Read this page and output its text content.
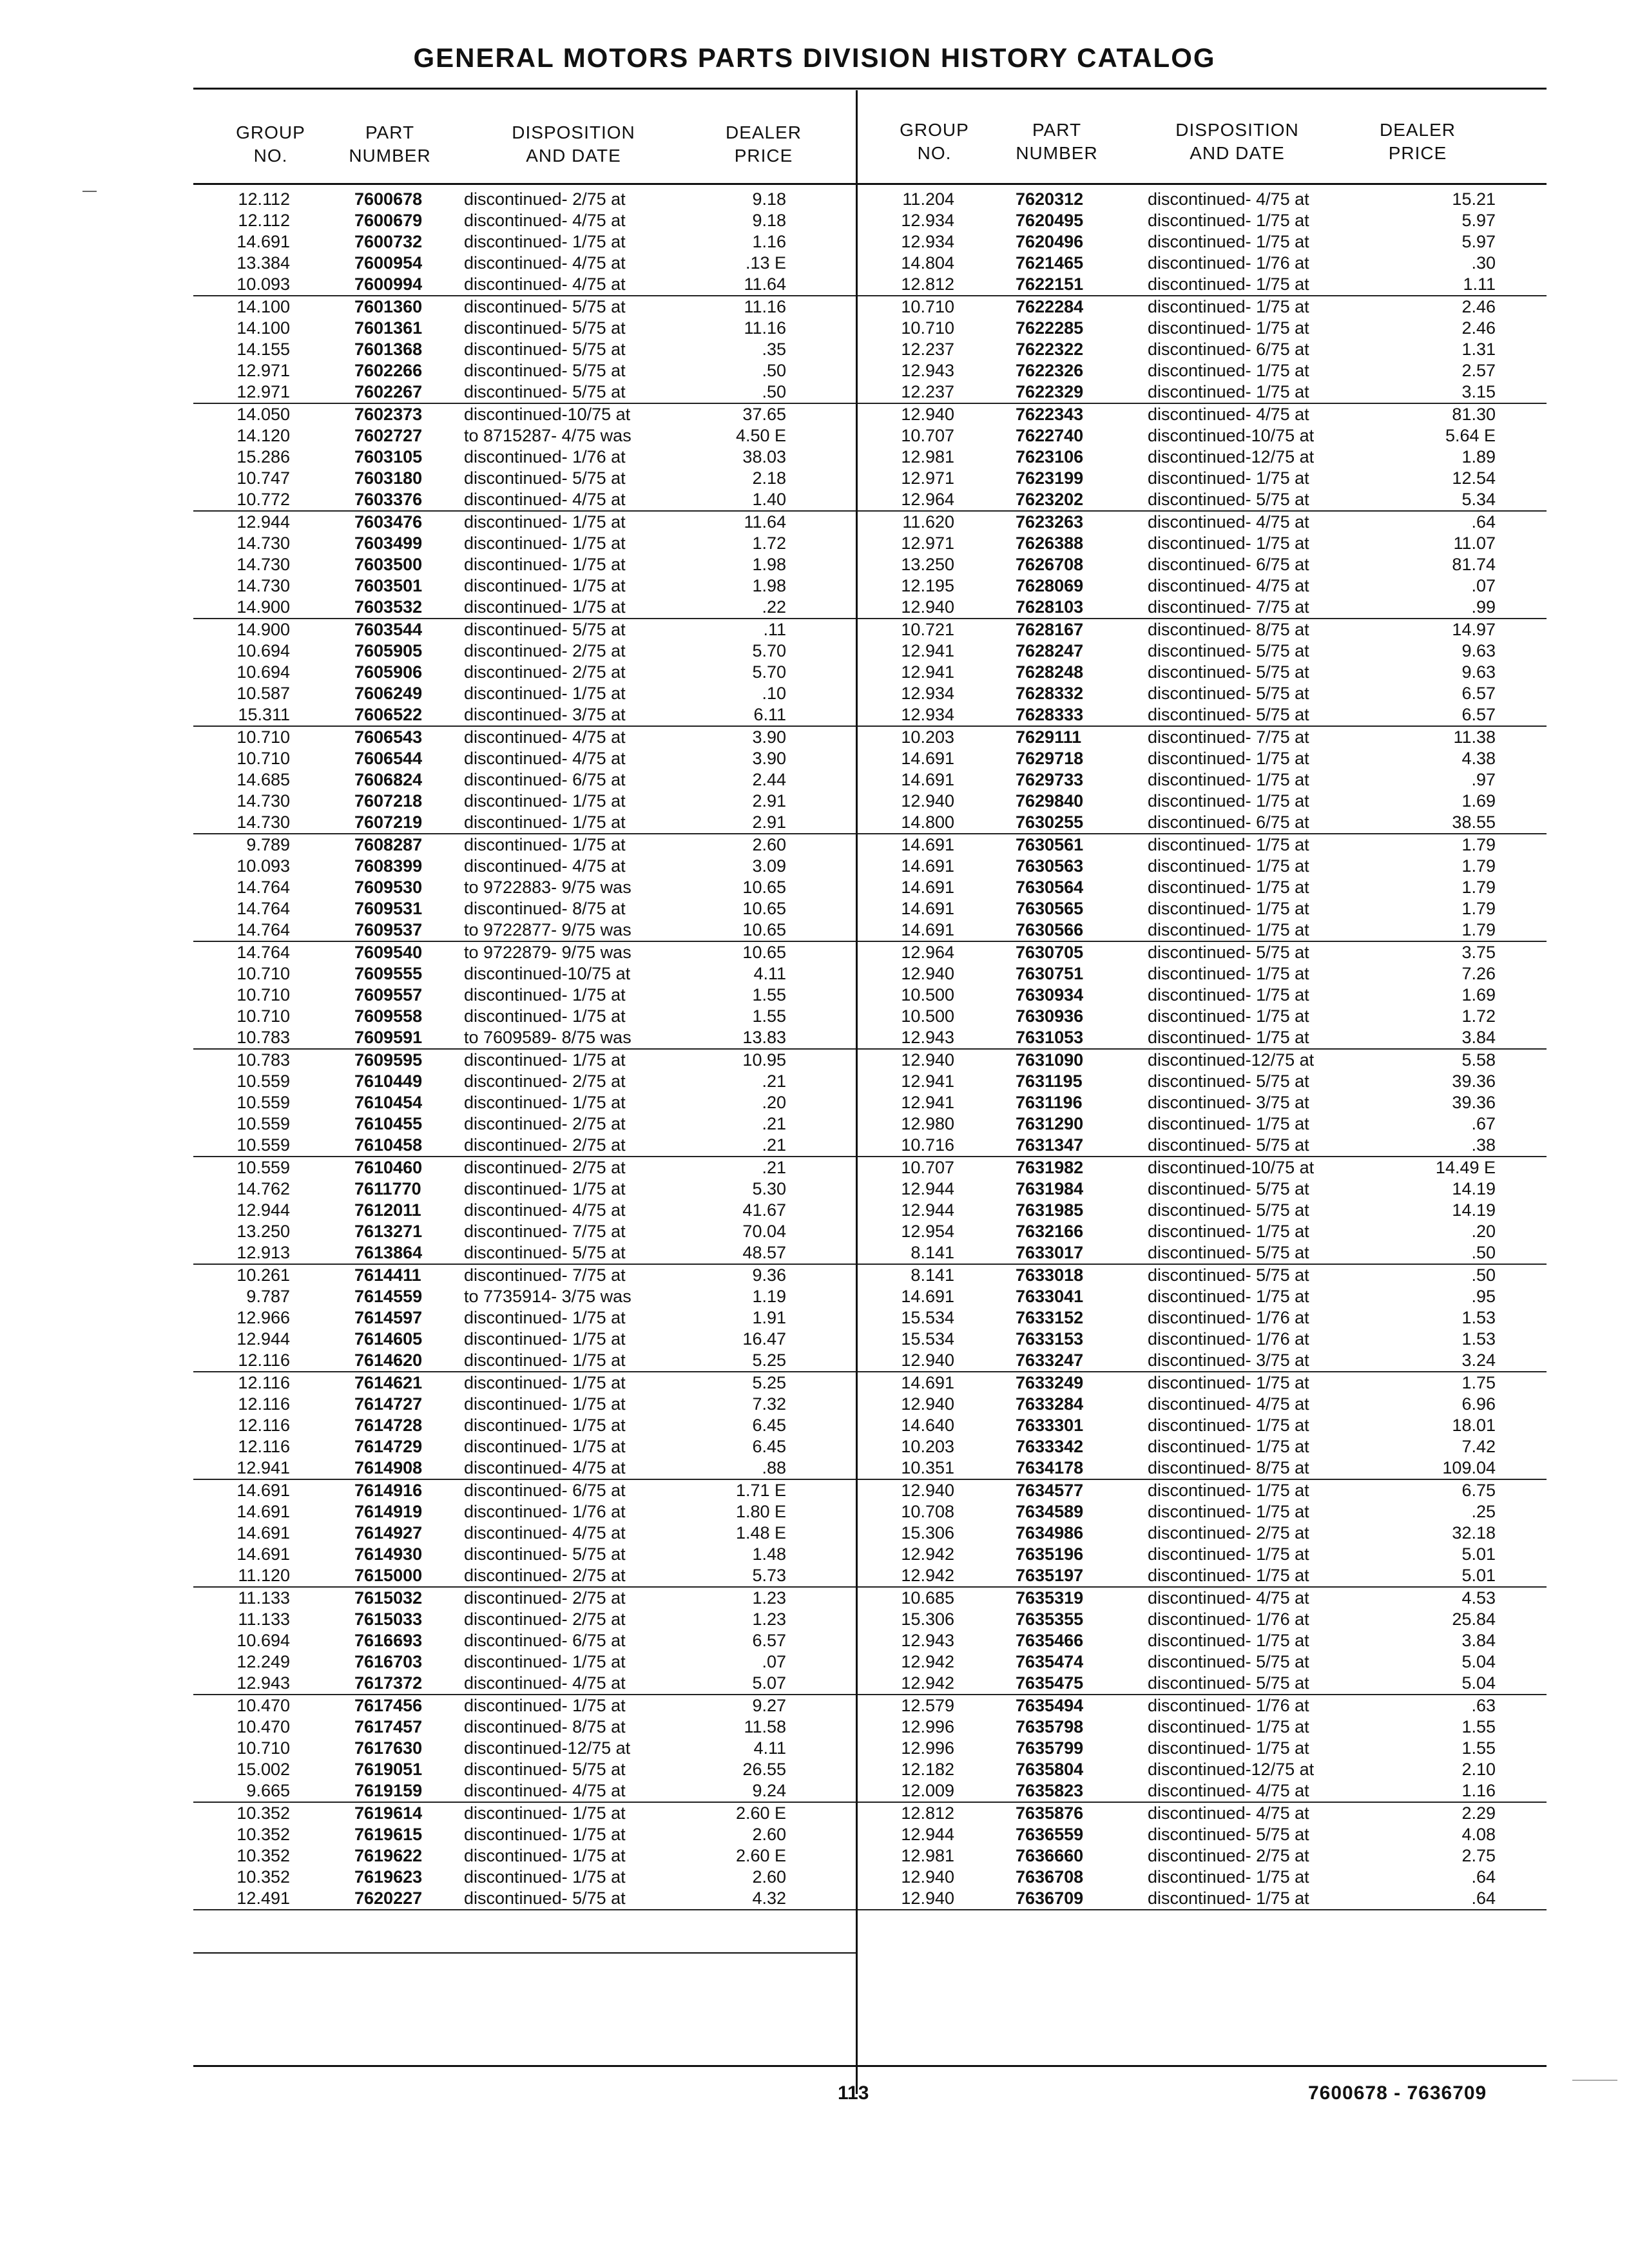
GENERAL MOTORS PARTS DIVISION HISTORY CATALOG
GROUP
NO.
PART
NUMBER
DISPOSITION
AND DATE
DEALER
PRICE
GROUP
NO.
PART
NUMBER
DISPOSITION
AND DATE
DEALER
PRICE
12.112	7600678 discontinued- 2/75 at	9.18
12.112	7600679 discontinued- 4/75 at	9.18
14.691	7600732 discontinued- 1/75 at	1.16
13.384	7600954 discontinued- 4/75 at	.13 E
10.093	7600994 discontinued- 4/75 at	11.64
14.100	7601360 discontinued- 5/75 at	11.16
14.100	7601361 discontinued- 5/75 at	11.16
14.155	7601368 discontinued- 5/75 at	.35
12.971	7602266 discontinued- 5/75 at	.50
12.971	7602267 discontinued- 5/75 at	.50
14.050	7602373 discontinued-10/75 at	37.65
14.120	7602727 to 8715287- 4/75 was	4.50 E
15.286	7603105 discontinued- 1/76 at	38.03
10.747	7603180 discontinued- 5/75 at	2.18
10.772	7603376 discontinued- 4/75 at	1.40
12.944	7603476 discontinued- 1/75 at	11.64
14.730	7603499 discontinued- 1/75 at	1.72
14.730	7603500 discontinued- 1/75 at	1.98
14.730	7603501 discontinued- 1/75 at	1.98
14.900	7603532 discontinued- 1/75 at	.22
14.900	7603544 discontinued- 5/75 at	.11
10.694	7605905 discontinued- 2/75 at	5.70
10.694	7605906 discontinued- 2/75 at	5.70
10.587	7606249 discontinued- 1/75 at	.10
15.311	7606522 discontinued- 3/75 at	6.11
10.710	7606543 discontinued- 4/75 at	3.90
10.710	7606544 discontinued- 4/75 at	3.90
14.685	7606824 discontinued- 6/75 at	2.44
14.730	7607218 discontinued- 1/75 at	2.91
14.730	7607219 discontinued- 1/75 at	2.91
9.789	7608287 discontinued- 1/75 at	2.60
10.093	7608399 discontinued- 4/75 at	3.09
14.764	7609530 to 9722883- 9/75 was	10.65
14.764	7609531 discontinued- 8/75 at	10.65
14.764	7609537 to 9722877- 9/75 was	10.65
14.764	7609540 to 9722879- 9/75 was	10.65
10.710	7609555 discontinued-10/75 at	4.11
10.710	7609557 discontinued- 1/75 at	1.55
10.710	7609558 discontinued- 1/75 at	1.55
10.783	7609591 to 7609589- 8/75 was	13.83
10.783	7609595 discontinued- 1/75 at	10.95
10.559	7610449 discontinued- 2/75 at	.21
10.559	7610454 discontinued- 1/75 at	.20
10.559	7610455 discontinued- 2/75 at	.21
10.559	7610458 discontinued- 2/75 at	.21
10.559	7610460 discontinued- 2/75 at	.21
14.762	7611770 discontinued- 1/75 at	5.30
12.944	7612011 discontinued- 4/75 at	41.67
13.250	7613271 discontinued- 7/75 at	70.04
12.913	7613864 discontinued- 5/75 at	48.57
10.261	7614411 discontinued- 7/75 at	9.36
9.787	7614559 to 7735914- 3/75 was	1.19
12.966	7614597 discontinued- 1/75 at	1.91
12.944	7614605 discontinued- 1/75 at	16.47
12.116	7614620 discontinued- 1/75 at	5.25
12.116	7614621 discontinued- 1/75 at	5.25
12.116	7614727 discontinued- 1/75 at	7.32
12.116	7614728 discontinued- 1/75 at	6.45
12.116	7614729 discontinued- 1/75 at	6.45
12.941	7614908 discontinued- 4/75 at	.88
14.691	7614916 discontinued- 6/75 at	1.71 E
14.691	7614919 discontinued- 1/76 at	1.80 E
14.691	7614927 discontinued- 4/75 at	1.48 E
14.691	7614930 discontinued- 5/75 at	1.48
11.120	7615000 discontinued- 2/75 at	5.73
11.133	7615032 discontinued- 2/75 at	1.23
11.133	7615033 discontinued- 2/75 at	1.23
10.694	7616693 discontinued- 6/75 at	6.57
12.249	7616703 discontinued- 1/75 at	.07
12.943	7617372 discontinued- 4/75 at	5.07
10.470	7617456 discontinued- 1/75 at	9.27
10.470	7617457 discontinued- 8/75 at	11.58
10.710	7617630 discontinued-12/75 at	4.11
15.002	7619051 discontinued- 5/75 at	26.55
9.665	7619159 discontinued- 4/75 at	9.24
10.352	7619614 discontinued- 1/75 at	2.60 E
10.352	7619615 discontinued- 1/75 at	2.60
10.352	7619622 discontinued- 1/75 at	2.60 E
10.352	7619623 discontinued- 1/75 at	2.60
12.491	7620227 discontinued- 5/75 at	4.32
11.204	7620312	discontinued- 4/75 at	15.21
12.934	7620495	discontinued- 1/75 at	5.97
12.934	7620496	discontinued- 1/75 at	5.97
14.804	7621465	discontinued- 1/76 at	.30
12.812	7622151	discontinued- 1/75 at	1.11
10.710	7622284	discontinued- 1/75 at	2.46
10.710	7622285	discontinued- 1/75 at	2.46
12.237	7622322	discontinued- 6/75 at	1.31
12.943	7622326	discontinued- 1/75 at	2.57
12.237	7622329	discontinued- 1/75 at	3.15
12.940	7622343	discontinued- 4/75 at	81.30
10.707	7622740	discontinued-10/75 at	5.64 E
12.981	7623106	discontinued-12/75 at	1.89
12.971	7623199	discontinued- 1/75 at	12.54
12.964	7623202	discontinued- 5/75 at	5.34
11.620	7623263	discontinued- 4/75 at	.64
12.971	7626388	discontinued- 1/75 at	11.07
13.250	7626708	discontinued- 6/75 at	81.74
12.195	7628069	discontinued- 4/75 at	.07
12.940	7628103	discontinued- 7/75 at	.99
10.721	7628167	discontinued- 8/75 at	14.97
12.941	7628247	discontinued- 5/75 at	9.63
12.941	7628248	discontinued- 5/75 at	9.63
12.934	7628332	discontinued- 5/75 at	6.57
12.934	7628333	discontinued- 5/75 at	6.57
10.203	7629111	discontinued- 7/75 at	11.38
14.691	7629718	discontinued- 1/75 at	4.38
14.691	7629733	discontinued- 1/75 at	.97
12.940	7629840	discontinued- 1/75 at	1.69
14.800	7630255	discontinued- 6/75 at	38.55
14.691	7630561	discontinued- 1/75 at	1.79
14.691	7630563	discontinued- 1/75 at	1.79
14.691	7630564	discontinued- 1/75 at	1.79
14.691	7630565	discontinued- 1/75 at	1.79
14.691	7630566	discontinued- 1/75 at	1.79
12.964	7630705	discontinued- 5/75 at	3.75
12.940	7630751	discontinued- 1/75 at	7.26
10.500	7630934	discontinued- 1/75 at	1.69
10.500	7630936	discontinued- 1/75 at	1.72
12.943	7631053	discontinued- 1/75 at	3.84
12.940	7631090	discontinued-12/75 at	5.58
12.941	7631195	discontinued- 5/75 at	39.36
12.941	7631196	discontinued- 3/75 at	39.36
12.980	7631290	discontinued- 1/75 at	.67
10.716	7631347	discontinued- 5/75 at	.38
10.707	7631982	discontinued-10/75 at	14.49 E
12.944	7631984	discontinued- 5/75 at	14.19
12.944	7631985	discontinued- 5/75 at	14.19
12.954	7632166	discontinued- 1/75 at	.20
8.141	7633017	discontinued- 5/75 at	.50
8.141	7633018	discontinued- 5/75 at	.50
14.691	7633041	discontinued- 1/75 at	.95
15.534	7633152	discontinued- 1/76 at	1.53
15.534	7633153	discontinued- 1/76 at	1.53
12.940	7633247	discontinued- 3/75 at	3.24
14.691	7633249	discontinued- 1/75 at	1.75
12.940	7633284	discontinued- 4/75 at	6.96
14.640	7633301	discontinued- 1/75 at	18.01
10.203	7633342	discontinued- 1/75 at	7.42
10.351	7634178	discontinued- 8/75 at	109.04
12.940	7634577	discontinued- 1/75 at	6.75
10.708	7634589	discontinued- 1/75 at	.25
15.306	7634986	discontinued- 2/75 at	32.18
12.942	7635196	discontinued- 1/75 at	5.01
12.942	7635197	discontinued- 1/75 at	5.01
10.685	7635319	discontinued- 4/75 at	4.53
15.306	7635355	discontinued- 1/76 at	25.84
12.943	7635466	discontinued- 1/75 at	3.84
12.942	7635474	discontinued- 5/75 at	5.04
12.942	7635475	discontinued- 5/75 at	5.04
12.579	7635494	discontinued- 1/76 at	.63
12.996	7635798	discontinued- 1/75 at	1.55
12.996	7635799	discontinued- 1/75 at	1.55
12.182	7635804	discontinued-12/75 at	2.10
12.009	7635823	discontinued- 4/75 at	1.16
12.812	7635876	discontinued- 4/75 at	2.29
12.944	7636559	discontinued- 5/75 at	4.08
12.981	7636660	discontinued- 2/75 at	2.75
12.940	7636708	discontinued- 1/75 at	.64
12.940	7636709	discontinued- 1/75 at	.64
113	7600678 - 7636709
